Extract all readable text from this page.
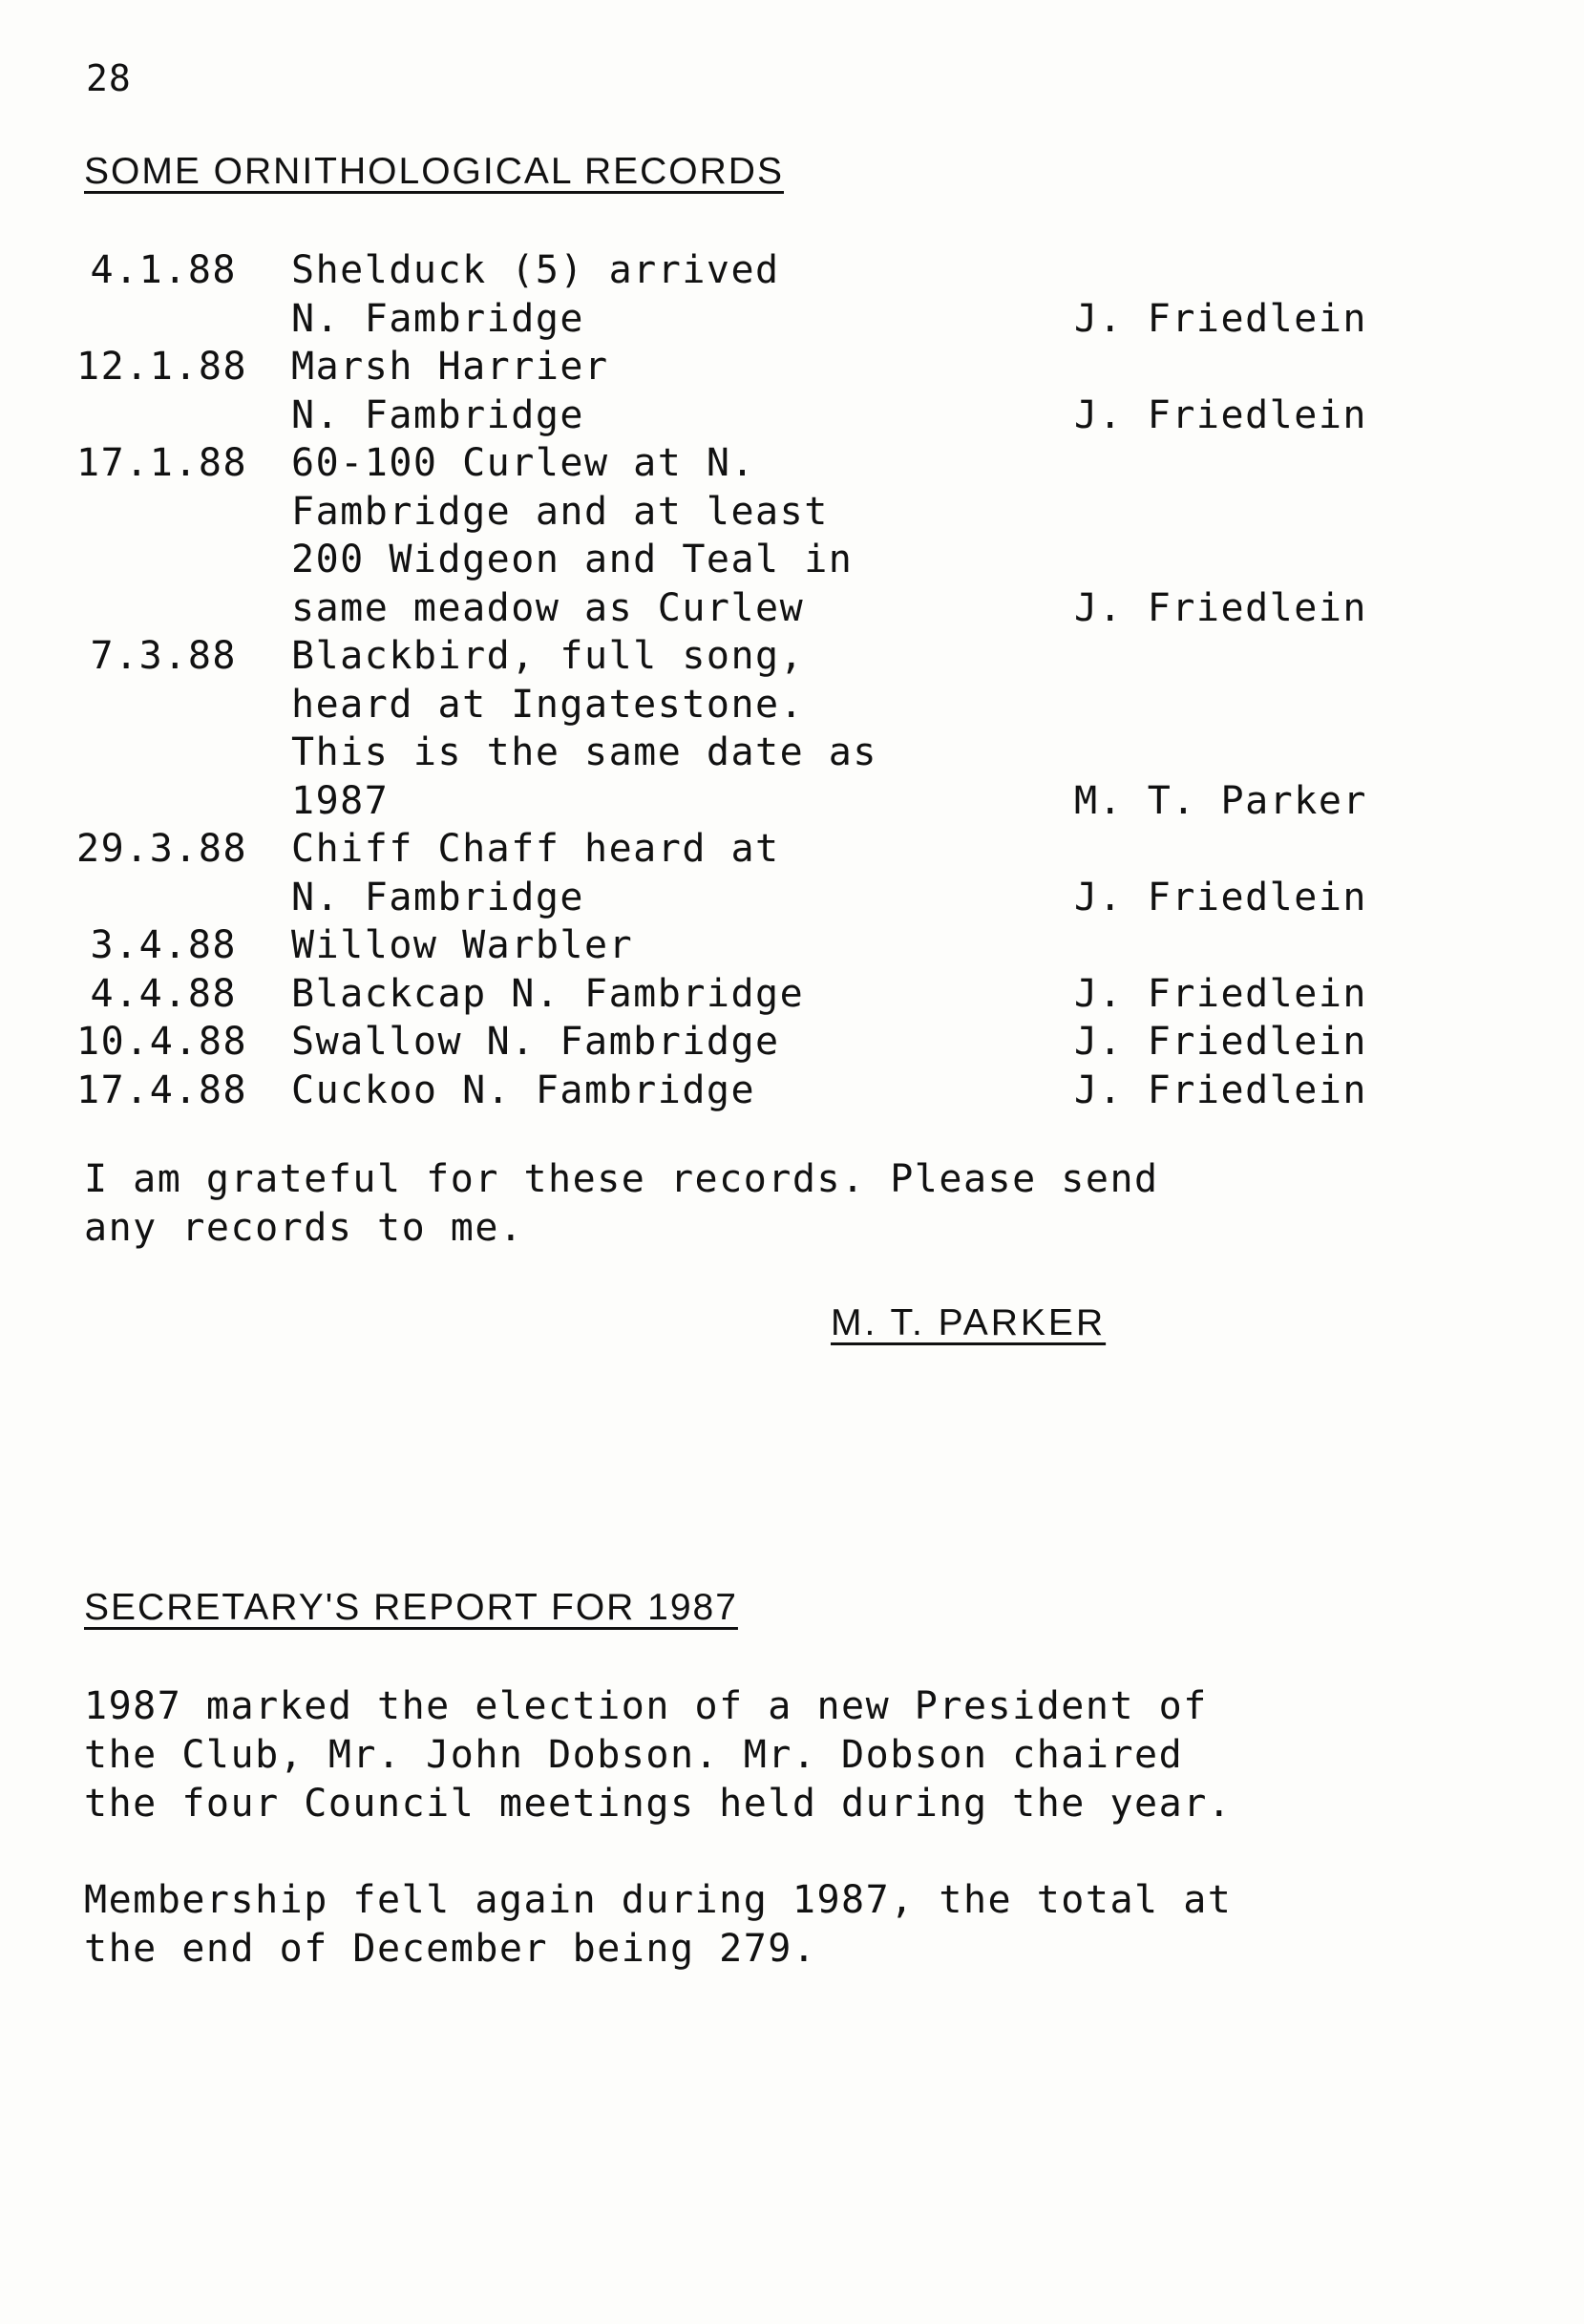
28
SOME ORNITHOLOGICAL RECORDS
4.1.88	Shelduck (5) arrived
N. Fambridge	J. Friedlein
12.1.88	Marsh Harrier
N. Fambridge	J. Friedlein
17.1.88	60-100 Curlew at N.
Fambridge and at least
200 Widgeon and Teal in
same meadow as Curlew	J. Friedlein
7.3.88	Blackbird, full song,
heard at Ingatestone.
This is the same date as
1987	M. T. Parker
29.3.88	Chiff Chaff heard at
N. Fambridge	J. Friedlein
3.4.88	Willow Warbler
4.4.88	Blackcap N. Fambridge	J. Friedlein
10.4.88	Swallow N. Fambridge	J. Friedlein
17.4.88	Cuckoo N. Fambridge	J. Friedlein
I am grateful for these records. Please send
any records to me.
M. T. PARKER
SECRETARY'S REPORT FOR 1987
1987 marked the election of a new President of
the Club, Mr. John Dobson. Mr. Dobson chaired
the four Council meetings held during the year.
Membership fell again during 1987, the total at
the end of December being 279.
